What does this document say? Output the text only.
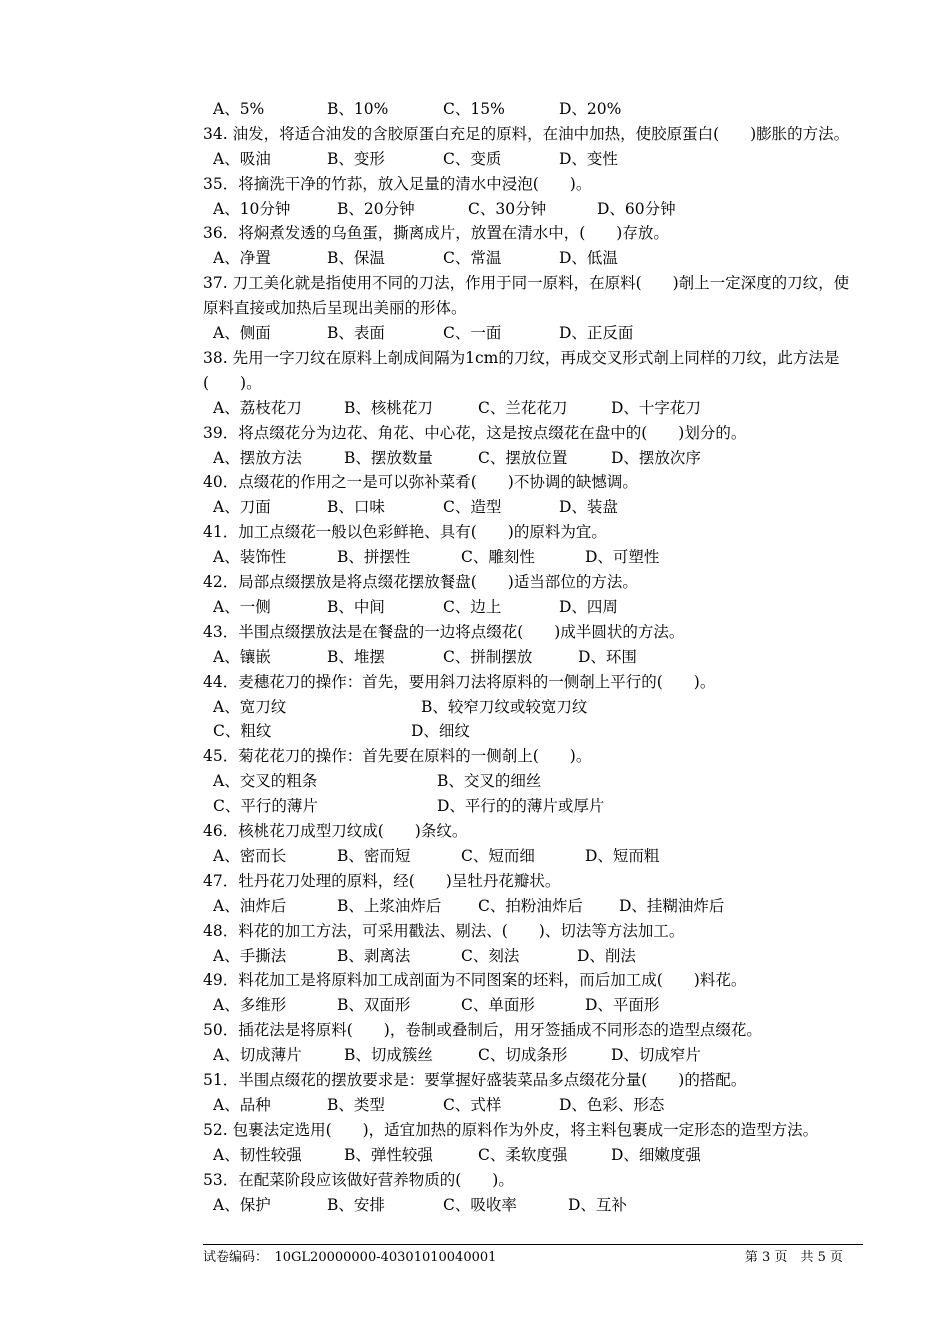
A、5%	B、10%	C、15%	D、20%
34. 油发，将适合油发的含胶原蛋白充足的原料，在油中加热，使胶原蛋白(　　)膨胀的方法。
A、吸油	B、变形	C、变质	D、变性
35．将摘洗干净的竹荪，放入足量的清水中浸泡(　　)。
A、10分钟	B、20分钟	C、30分钟	D、60分钟
36．将焖煮发透的乌鱼蛋，撕离成片，放置在清水中，(　　)存放。
A、净置	B、保温	C、常温	D、低温
37. 刀工美化就是指使用不同的刀法，作用于同一原料，在原料(　　)剞上一定深度的刀纹，使原料直接或加热后呈现出美丽的形体。
A、侧面	B、表面	C、一面	D、正反面
38. 先用一字刀纹在原料上剞成间隔为1cm的刀纹，再成交叉形式剞上同样的刀纹，此方法是(　　)。
A、荔枝花刀	B、核桃花刀	C、兰花花刀	D、十字花刀
39．将点缀花分为边花、角花、中心花，这是按点缀花在盘中的(　　)划分的。
A、摆放方法	B、摆放数量	C、摆放位置	D、摆放次序
40．点缀花的作用之一是可以弥补菜肴(　　)不协调的缺憾调。
A、刀面	B、口味	C、造型	D、装盘
41．加工点缀花一般以色彩鲜艳、具有(　　)的原料为宜。
A、装饰性	B、拼摆性	C、雕刻性	D、可塑性
42．局部点缀摆放是将点缀花摆放餐盘(　　)适当部位的方法。
A、一侧	B、中间	C、边上	D、四周
43．半围点缀摆放法是在餐盘的一边将点缀花(　　)成半圆状的方法。
A、镶嵌	B、堆摆	C、拼制摆放	D、环围
44．麦穗花刀的操作：首先，要用斜刀法将原料的一侧剞上平行的(　　)。
A、宽刀纹	B、较窄刀纹或较宽刀纹
C、粗纹	D、细纹
45．菊花花刀的操作：首先要在原料的一侧剞上(　　)。
A、交叉的粗条	B、交叉的细丝
C、平行的薄片	D、平行的的薄片或厚片
46．核桃花刀成型刀纹成(　　)条纹。
A、密而长	B、密而短	C、短而细	D、短而粗
47．牡丹花刀处理的原料，经(　　)呈牡丹花瓣状。
A、油炸后	B、上浆油炸后 C、拍粉油炸后 D、挂糊油炸后
48．料花的加工方法，可采用戳法、剔法、(　　)、切法等方法加工。
A、手撕法	B、剥离法	C、刻法	D、削法
49．料花加工是将原料加工成剖面为不同图案的坯料，而后加工成(　　)料花。
A、多维形	B、双面形	C、单面形	D、平面形
50．插花法是将原料(　　)，卷制或叠制后，用牙签插成不同形态的造型点缀花。
A、切成薄片	B、切成簇丝	C、切成条形	D、切成窄片
51．半围点缀花的摆放要求是：要掌握好盛装菜品多点缀花分量(　　)的搭配。
A、品种	B、类型	C、式样	D、色彩、形态
52. 包裹法定选用(　　)，适宜加热的原料作为外皮，将主料包裹成一定形态的造型方法。
A、韧性较强	B、弹性较强	C、柔软度强	D、细嫩度强
53．在配菜阶段应该做好营养物质的(　　)。
A、保护	B、安排	C、吸收率	D、互补
试卷编码：　10GL20000000-40301010040001	第 3 页　共 5 页
